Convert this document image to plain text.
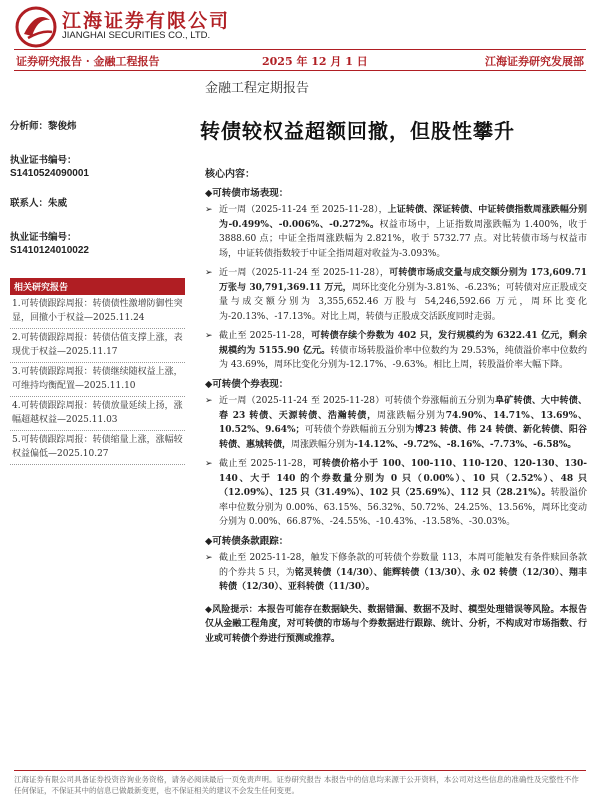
江海证券有限公司
JIANGHAI SECURITIES CO., LTD.
证券研究报告 · 金融工程报告	2025 年 12 月 1 日	江海证券研究发展部
金融工程定期报告
转债较权益超额回撤，但股性攀升
分析师：黎俊炜
执业证书编号：
S1410524090001
联系人：朱威
执业证书编号：
S1410124010022
相关研究报告
1.可转债跟踪周报：转债债性激增防御性突显，回撤小于权益—2025.11.24
2.可转债跟踪周报：转债估值支撑上涨，表现优于权益—2025.11.17
3.可转债跟踪周报：转债继续随权益上涨，可维持均衡配置—2025.11.10
4.可转债跟踪周报：转债放量延续上扬，涨幅超越权益—2025.11.03
5.可转债跟踪周报：转债缩量上涨，涨幅较权益偏低—2025.10.27
核心内容：
◆可转债市场表现：
➢ 近一周（2025-11-24 至 2025-11-28），上证转债、深证转债、中证转债指数周涨跌幅分别为-0.499%、-0.006%、-0.272%。权益市场中，上证指数周涨跌幅为 1.400%，收于 3888.60 点；中证全指周涨跌幅为 2.821%，收于 5732.77 点。对比转债市场与权益市场，中证转债指数较于中证全指周超对收益为-3.093%。
➢ 近一周（2025-11-24 至 2025-11-28），可转债市场成交量与成交额分别为 173,609.71 万张与 30,791,369.11 万元，周环比变化分别为-3.81%、-6.23%；可转债对应正股成交量与成交额分别为 3,355,652.46 万股与 54,246,592.66 万元，周环比变化为-20.13%、-17.13%。对比上周，转债与正股成交活跃度同时走弱。
➢ 截止至 2025-11-28，可转债存续个券数为 402 只，发行规模约为 6322.41 亿元，剩余规模约为 5155.90 亿元。转债市场转股溢价率中位数约为 29.53%，纯债溢价率中位数约为 43.69%，周环比变化分别为-12.17%、-9.63%。相比上周，转股溢价率大幅下降。
◆可转债个券表现：
➢ 近一周（2025-11-24 至 2025-11-28）可转债个券涨幅前五分别为阜矿转债、大中转债、春 23 转债、天源转债、浩瀚转债，周涨跌幅分别为74.90%、14.71%、13.69%、10.52%、9.64%；可转债个券跌幅前五分别为博23 转债、伟 24 转债、新化转债、阳谷转债、惠城转债，周涨跌幅分别为-14.12%、-9.72%、-8.16%、-7.73%、-6.58%。
➢ 截止至 2025-11-28，可转债价格小于 100、100-110、110-120、120-130、130-140、大于 140 的个券数量分别为 0 只（0.00%）、10 只（2.52%）、48 只（12.09%）、125 只（31.49%）、102 只（25.69%）、112 只（28.21%）。转股溢价率中位数分别为 0.00%、63.15%、56.32%、50.72%、24.25%、13.56%，周环比变动分别为 0.00%、66.87%、-24.55%、-10.43%、-13.58%、-30.03%。
◆可转债条款跟踪：
➢ 截止至 2025-11-28，触发下修条款的可转债个券数量 113，本周可能触发有条件赎回条款的个券共 5 只，为铭灵转债（14/30）、能辉转债（13/30）、永 02 转债（12/30）、翔丰转债（12/30）、亚科转债（11/30）。
◆风险提示：本报告可能存在数据缺失、数据错漏、数据不及时、模型处理错误等风险。本报告仅从金融工程角度，对可转债的市场与个券数据进行跟踪、统计、分析，不构成对市场指数、行业或可转债个券进行预测或推荐。
江海证券有限公司具备证券投资咨询业务资格，请务必阅读最后一页免责声明。证券研究报告 本报告中的信息均来源于公开资料，本公司对这些信息的准确性及完整性不作任何保证，不保证其中的信息已做最新变更，也不保证相关的建议不会发生任何变更。
